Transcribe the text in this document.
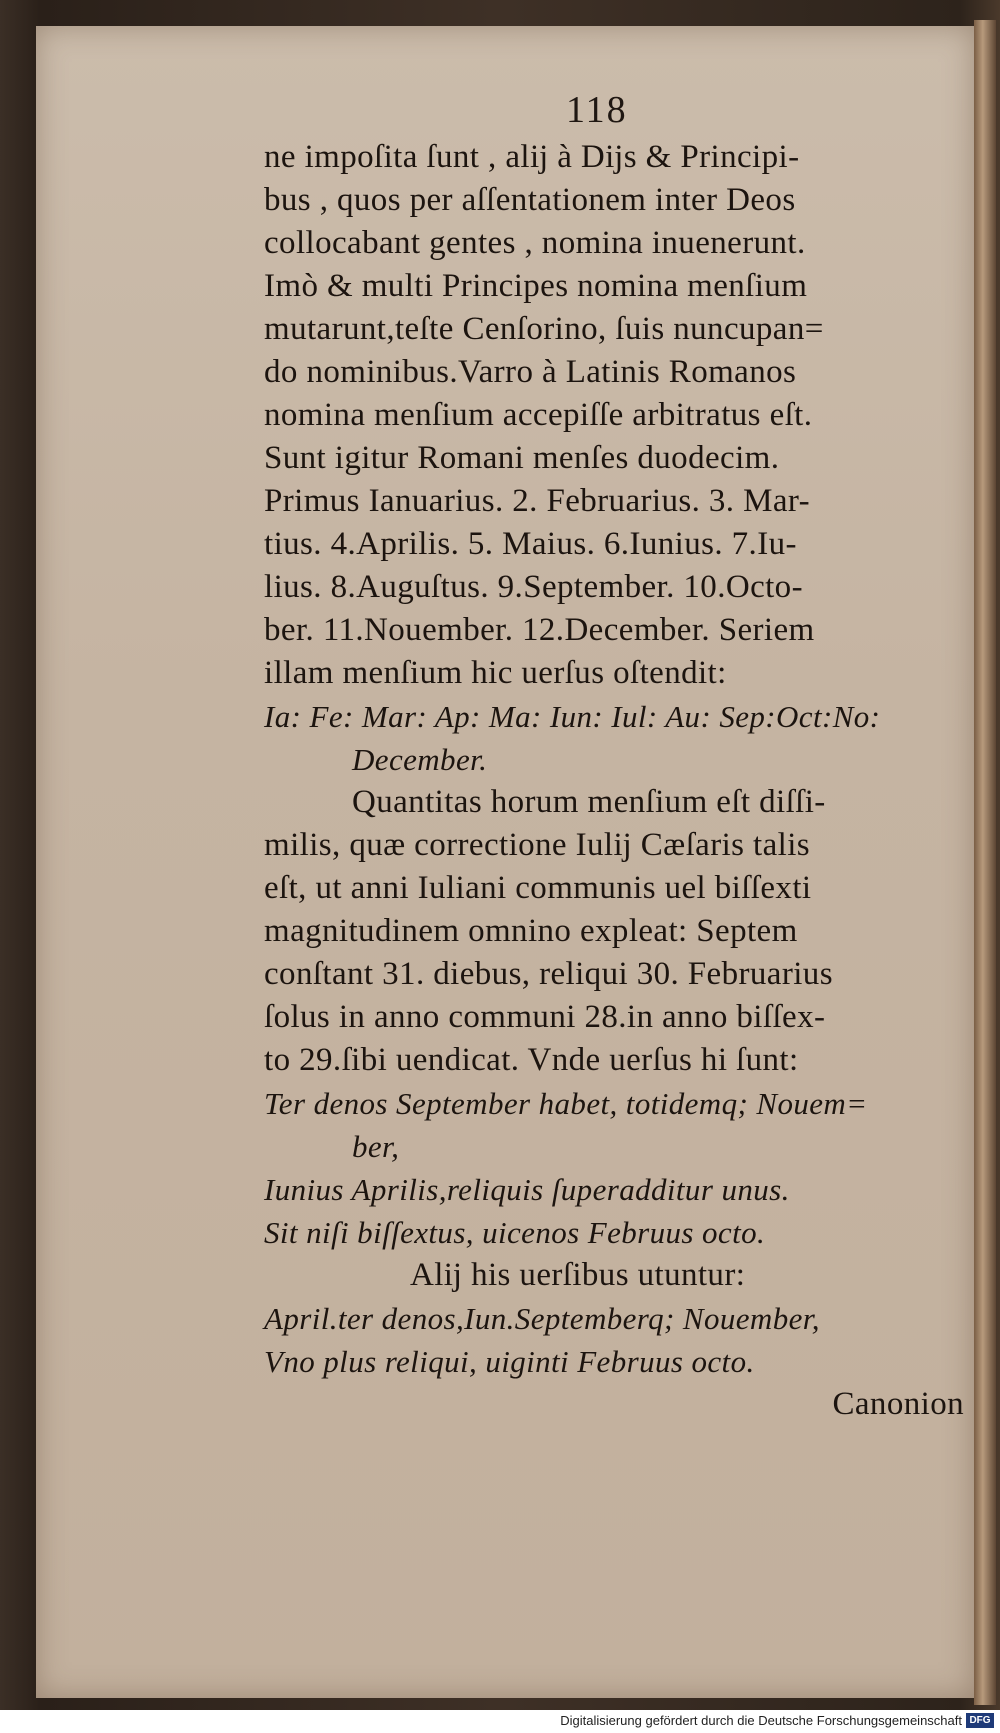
118
ne impoſita ſunt , alĳ à Dĳs & Principi-
bus , quos per aſſentationem inter Deos
collocabant gentes , nomina inuenerunt.
Imò & multi Principes nomina menſium
mutarunt,teſte Cenſorino, ſuis nuncupan=
do nominibus.Varro à Latinis Romanos
nomina menſium accepiſſe arbitratus eſt.
Sunt igitur Romani menſes duodecim.
Primus Ianuarius. 2. Februarius. 3. Mar-
tius. 4.Aprilis. 5. Maius. 6.Iunius. 7.Iu-
lius. 8.Auguſtus. 9.September. 10.Octo-
ber. 11.Nouember. 12.December. Seriem
illam menſium hic uerſus oſtendit:
Ia: Fe: Mar: Ap: Ma: Iun: Iul: Au: Sep:Oct:No:
December.
Quantitas horum menſium eſt diſſi-
milis, quæ correctione Iulĳ Cæſaris talis
eſt, ut anni Iuliani communis uel biſſexti
magnitudinem omnino expleat: Septem
conſtant 31. diebus, reliqui 30. Februarius
ſolus in anno communi 28.in anno biſſex-
to 29.ſibi uendicat. Vnde uerſus hi ſunt:
Ter denos September habet, totidemq; Nouem=
ber,
Iunius Aprilis,reliquis ſuperadditur unus.
Sit niſi biſſextus, uicenos Februus octo.
Alĳ his uerſibus utuntur:
April.ter denos,Iun.Septemberq; Nouember,
Vno plus reliqui, uiginti Februus octo.
Canonion
Digitalisierung gefördert durch die Deutsche Forschungsgemeinschaft DFG
